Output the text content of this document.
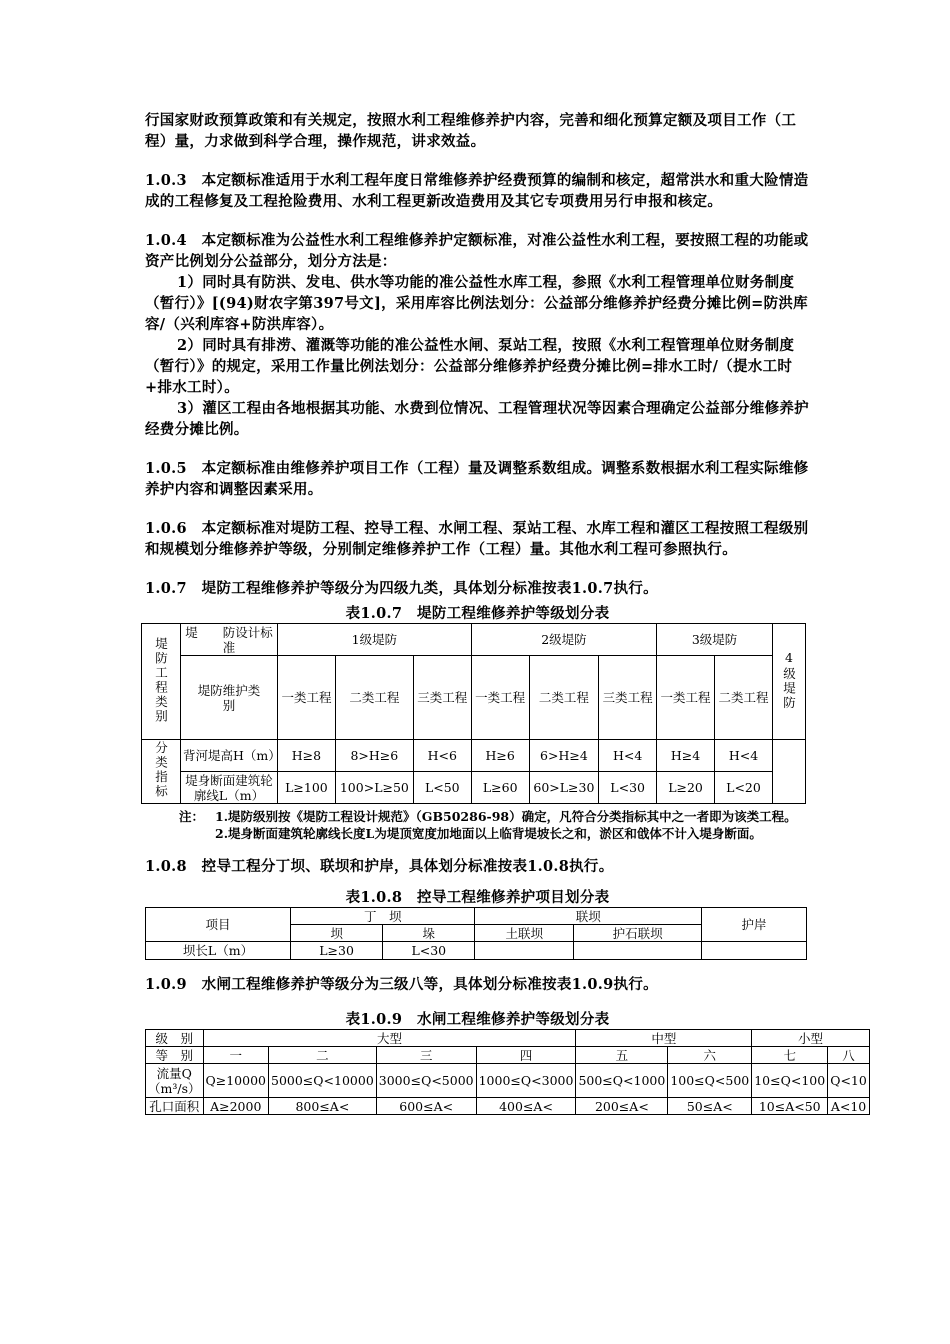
行国家财政预算政策和有关规定，按照水利工程维修养护内容，完善和细化预算定额及项目工作（工程）量，力求做到科学合理，操作规范，讲求效益。

1.0.3　本定额标准适用于水利工程年度日常维修养护经费预算的编制和核定，超常洪水和重大险情造成的工程修复及工程抢险费用、水利工程更新改造费用及其它专项费用另行申报和核定。

1.0.4　本定额标准为公益性水利工程维修养护定额标准，对准公益性水利工程，要按照工程的功能或资产比例划分公益部分，划分方法是：

1）同时具有防洪、发电、供水等功能的准公益性水库工程，参照《水利工程管理单位财务制度（暂行）》[(94)财农字第397号文]，采用库容比例法划分：公益部分维修养护经费分摊比例=防洪库容/（兴利库容+防洪库容）。

2）同时具有排涝、灌溉等功能的准公益性水闸、泵站工程，按照《水利工程管理单位财务制度（暂行）》的规定，采用工作量比例法划分：公益部分维修养护经费分摊比例=排水工时/（提水工时+排水工时）。

3）灌区工程由各地根据其功能、水费到位情况、工程管理状况等因素合理确定公益部分维修养护经费分摊比例。

1.0.5　本定额标准由维修养护项目工作（工程）量及调整系数组成。调整系数根据水利工程实际维修养护内容和调整因素采用。

1.0.6　本定额标准对堤防工程、控导工程、水闸工程、泵站工程、水库工程和灌区工程按照工程级别和规模划分维修养护等级，分别制定维修养护工作（工程）量。其他水利工程可参照执行。

1.0.7　堤防工程维修养护等级分为四级九类，具体划分标准按表1.0.7执行。

表1.0.7　堤防工程维修养护等级划分表

堤防工程类别	堤　　防设计标准	1级堤防			2级堤防			3级堤防		4级堤防
	堤防维护类　　别	一类工程	二类工程	三类工程	一类工程	二类工程	三类工程	一类工程	二类工程	
分类指标	背河堤高H（m）	H≥8	8>H≥6	H<6	H≥6	6>H≥4	H<4	H≥4	H<4	
	堤身断面建筑轮廓线L（m）	L≥100	100>L≥50	L<50	L≥60	60>L≥30	L<30	L≥20	L<20	
注： 1.堤防级别按《堤防工程设计规范》（GB50286-98）确定，凡符合分类指标其中之一者即为该类工程。
2.堤身断面建筑轮廓线长度L为堤顶宽度加地面以上临背堤坡长之和，淤区和戗体不计入堤身断面。

1.0.8　控导工程分丁坝、联坝和护岸，具体划分标准按表1.0.8执行。

表1.0.8　控导工程维修养护项目划分表

项目	丁　坝		联坝		护岸
	坝	垛	土联坝	护石联坝	
坝长L（m）	L≥30	L<30			

1.0.9　水闸工程维修养护等级分为三级八等，具体划分标准按表1.0.9执行。

表1.0.9　水闸工程维修养护等级划分表

级　别	大型				中型		小型	
等　别	一	二	三	四	五	六	七	八
流量Q（m³/s）	Q≥10000	5000≤Q<10000	3000≤Q<5000	1000≤Q<3000	500≤Q<1000	100≤Q<500	10≤Q<100	Q<10
孔口面积	A≥2000	800≤A<	600≤A<	400≤A<	200≤A<	50≤A<	10≤A<50	A<10
